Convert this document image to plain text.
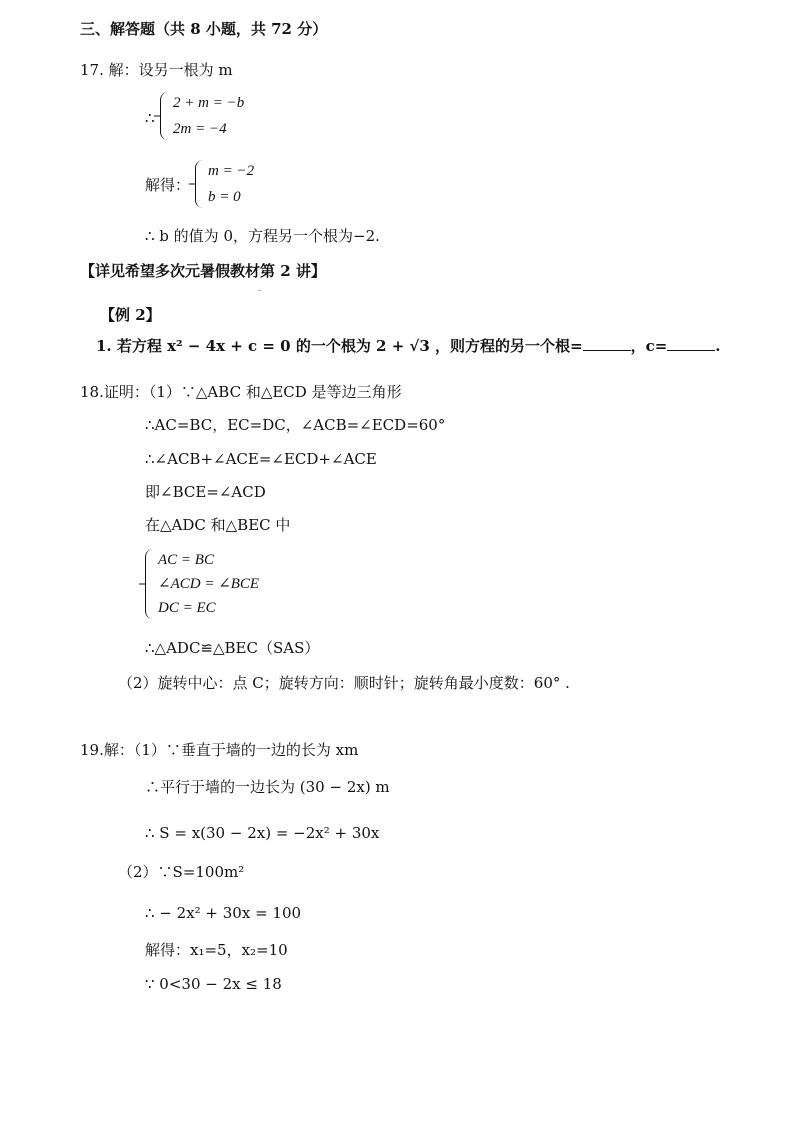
三、解答题（共 8 小题，共 72 分）
17. 解：设另一根为 m
∴
2 + m = −b
2m = −4
解得：
m = −2
b = 0
∴ b 的值为 0，方程另一个根为−2.
【详见希望多次元暑假教材第 2 讲】
【例 2】
1. 若方程 x² − 4x + c = 0 的一个根为 2 + √3 ，则方程的另一个根=	，c=	.
18.证明：（1）∵△ABC 和△ECD 是等边三角形
∴AC=BC，EC=DC，∠ACB=∠ECD=60°
∴∠ACB+∠ACE=∠ECD+∠ACE
即∠BCE=∠ACD
在△ADC 和△BEC 中
AC = BC
∠ACD = ∠BCE
DC = EC
∴△ADC≌△BEC（SAS）
（2）旋转中心：点 C；旋转方向：顺时针；旋转角最小度数：60° .
19.解：（1）∵垂直于墙的一边的长为 xm
∴平行于墙的一边长为 (30 − 2x) m
∴ S = x(30 − 2x) = −2x² + 30x
（2）∵S=100m²
∴ − 2x² + 30x = 100
解得：x₁=5，x₂=10
∵ 0<30 − 2x ≤ 18
